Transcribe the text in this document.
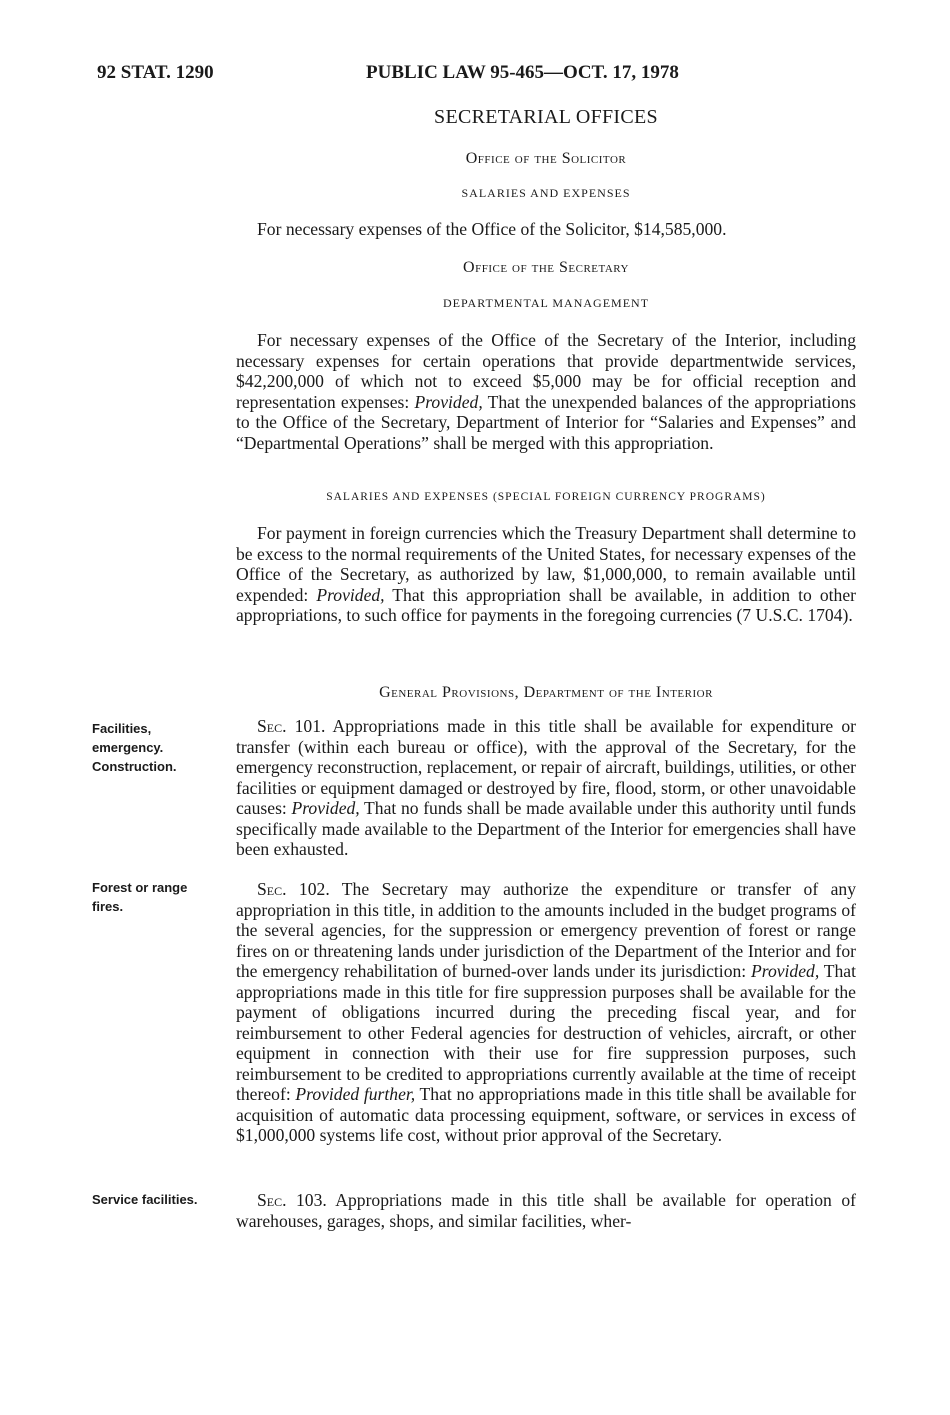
92 STAT. 1290	PUBLIC LAW 95-465—OCT. 17, 1978
SECRETARIAL OFFICES
Office of the Solicitor
SALARIES AND EXPENSES

For necessary expenses of the Office of the Solicitor, $14,585,000.

Office of the Secretary
DEPARTMENTAL MANAGEMENT

For necessary expenses of the Office of the Secretary of the Interior, including necessary expenses for certain operations that provide departmentwide services, $42,200,000 of which not to exceed $5,000 may be for official reception and representation expenses: Provided, That the unexpended balances of the appropriations to the Office of the Secretary, Department of Interior for “Salaries and Expenses” and “Departmental Operations” shall be merged with this appropriation.

SALARIES AND EXPENSES (SPECIAL FOREIGN CURRENCY PROGRAMS)

For payment in foreign currencies which the Treasury Department shall determine to be excess to the normal requirements of the United States, for necessary expenses of the Office of the Secretary, as authorized by law, $1,000,000, to remain available until expended: Provided, That this appropriation shall be available, in addition to other appropriations, to such office for payments in the foregoing currencies (7 U.S.C. 1704).

General Provisions, Department of the Interior

Sec. 101. Appropriations made in this title shall be available for expenditure or transfer (within each bureau or office), with the approval of the Secretary, for the emergency reconstruction, replacement, or repair of aircraft, buildings, utilities, or other facilities or equipment damaged or destroyed by fire, flood, storm, or other unavoidable causes: Provided, That no funds shall be made available under this authority until funds specifically made available to the Department of the Interior for emergencies shall have been exhausted.

Sec. 102. The Secretary may authorize the expenditure or transfer of any appropriation in this title, in addition to the amounts included in the budget programs of the several agencies, for the suppression or emergency prevention of forest or range fires on or threatening lands under jurisdiction of the Department of the Interior and for the emergency rehabilitation of burned-over lands under its jurisdiction: Provided, That appropriations made in this title for fire suppression purposes shall be available for the payment of obligations incurred during the preceding fiscal year, and for reimbursement to other Federal agencies for destruction of vehicles, aircraft, or other equipment in connection with their use for fire suppression purposes, such reimbursement to be credited to appropriations currently available at the time of receipt thereof: Provided further, That no appropriations made in this title shall be available for acquisition of automatic data processing equipment, software, or services in excess of $1,000,000 systems life cost, without prior approval of the Secretary.

Sec. 103. Appropriations made in this title shall be available for operation of warehouses, garages, shops, and similar facilities, wher-

Facilities, emergency. Construction.
Forest or range fires.
Service facilities.
